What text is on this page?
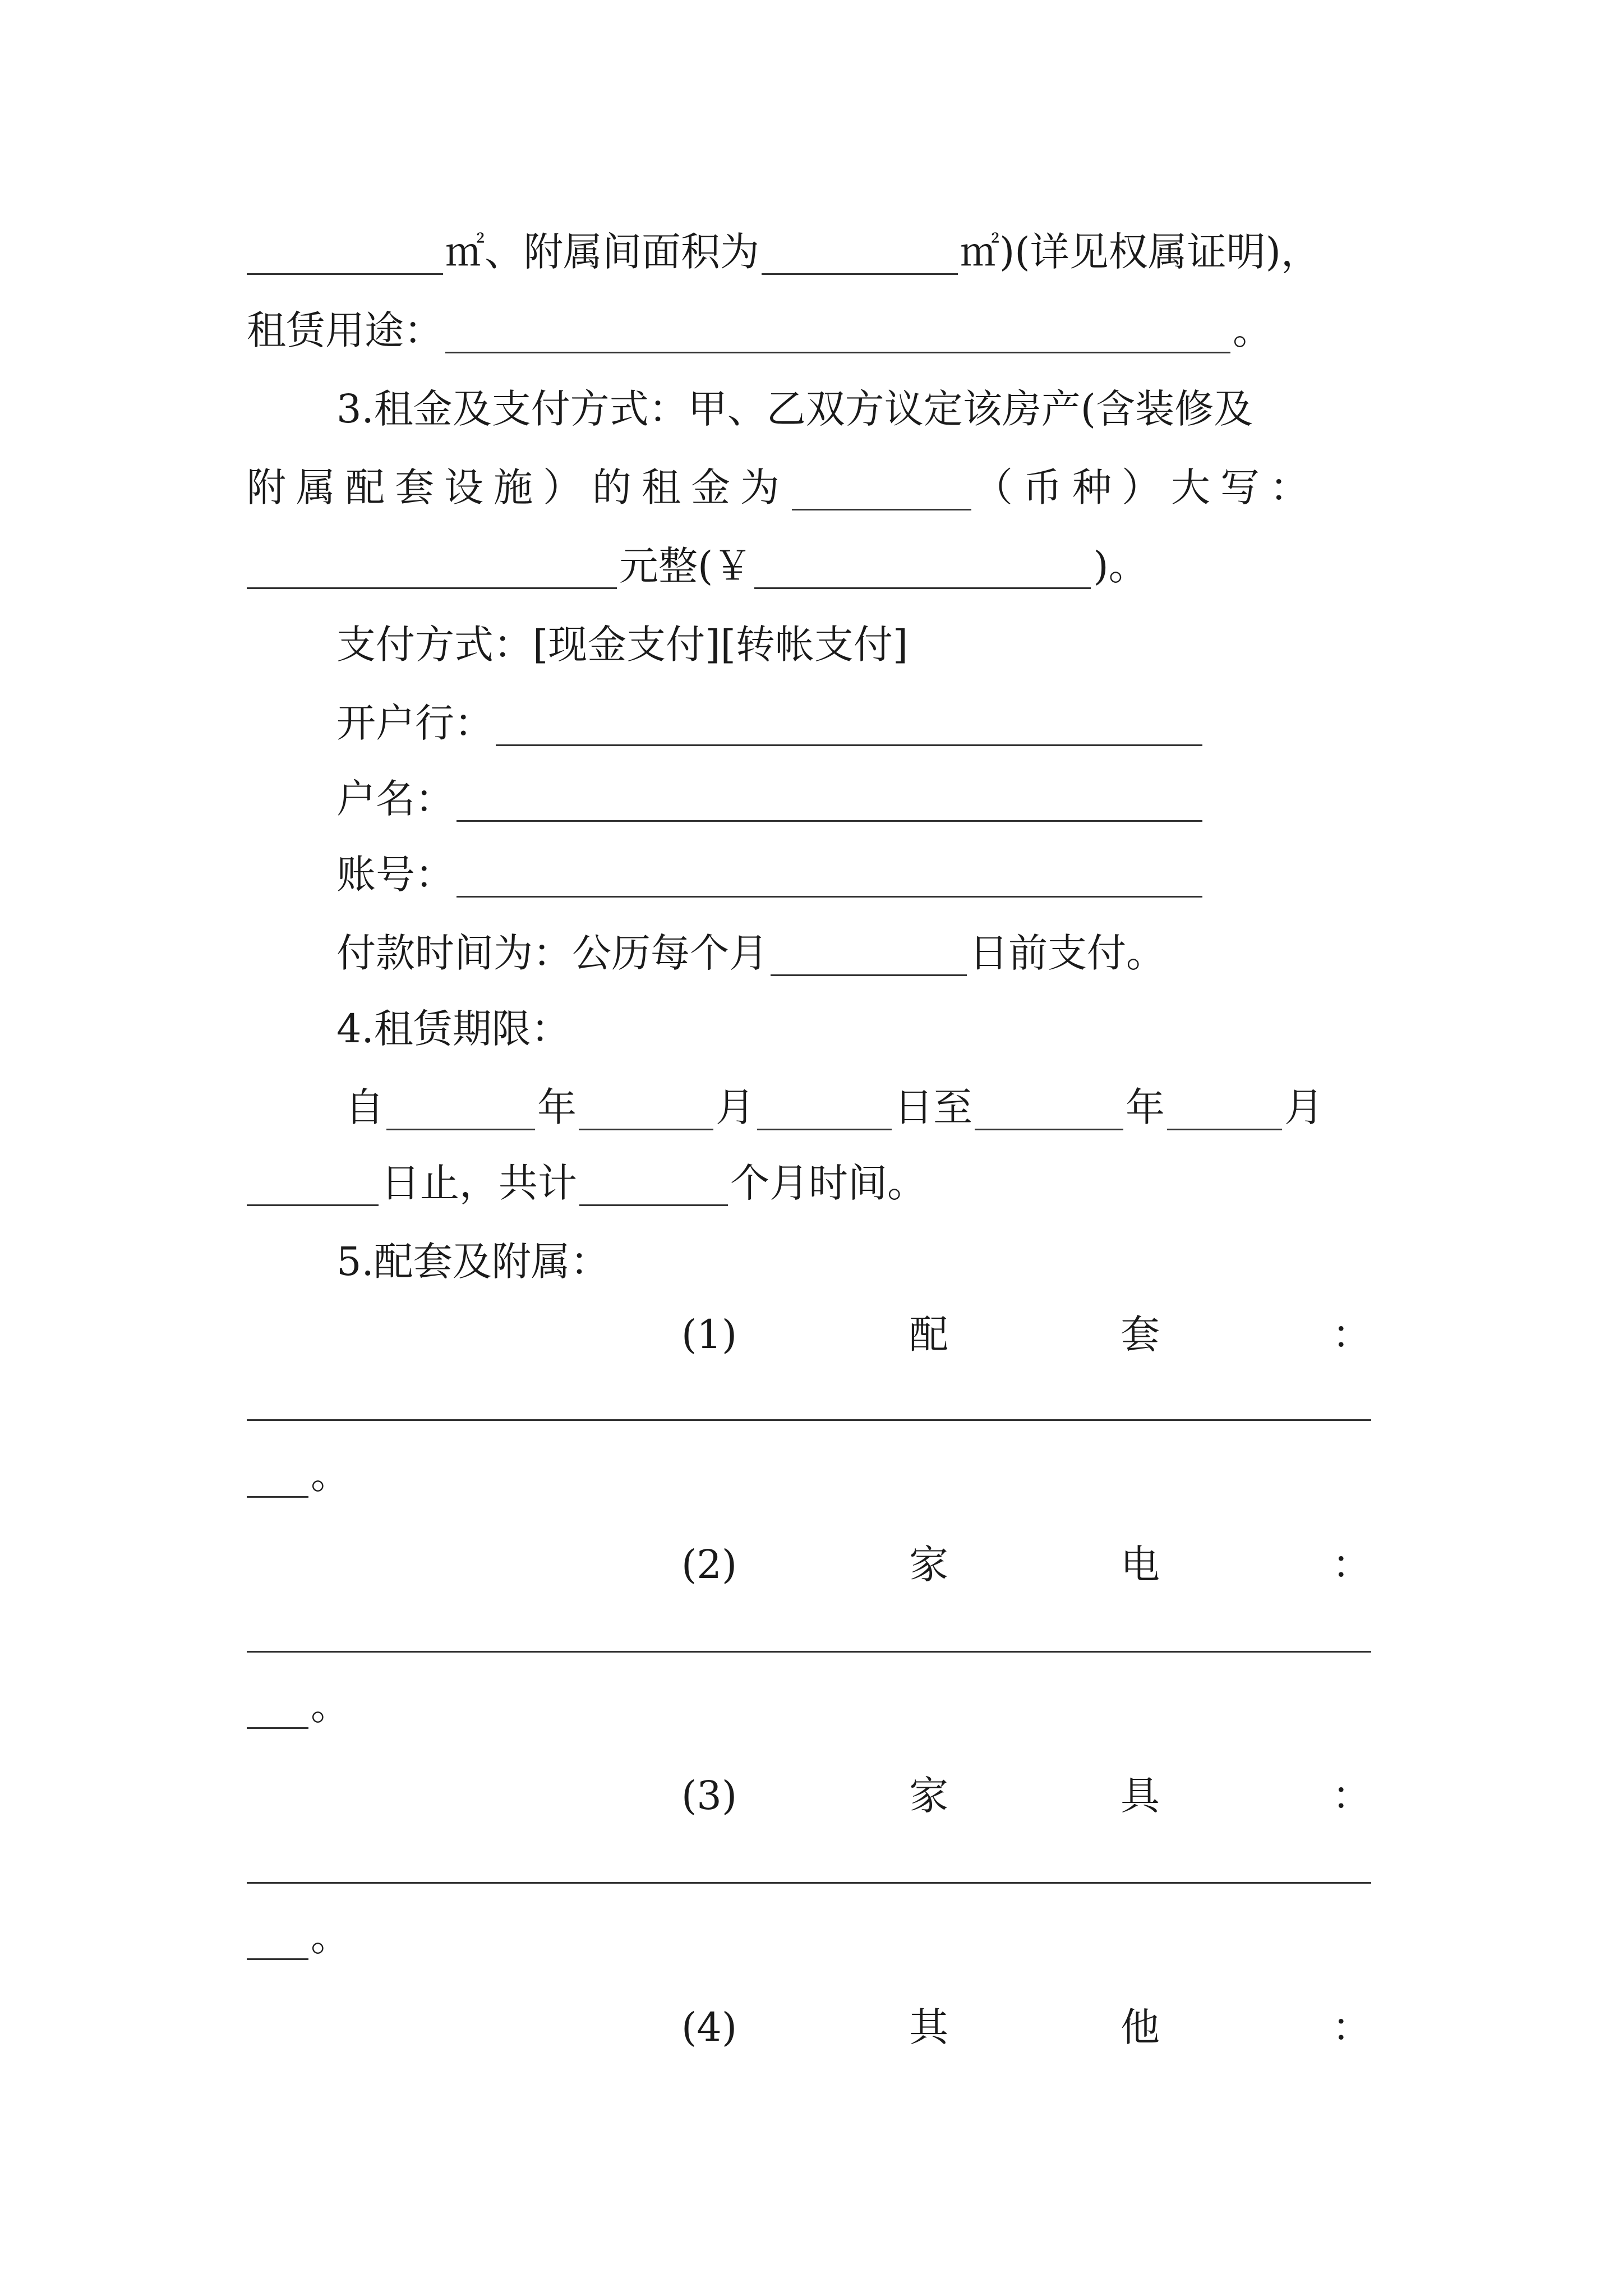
㎡、附属间面积为	㎡)(详见权属证明)，
租赁用途：	。
3.租金及支付方式：甲、乙双方议定该房产(含装修及
附属配套设施）的租金为	（币种）大写：
元整(￥	)。
支付方式：[现金支付][转帐支付]
开户行：
户名：
账号：
付款时间为：公历每个月	日前支付。
4.租赁期限：
自	年	月	日至	年	月
日止，共计	个月时间。
5.配套及附属：
(1)	配	套	：
。
(2)	家	电	：
。
(3)	家	具	：
。
(4)	其	他	：
